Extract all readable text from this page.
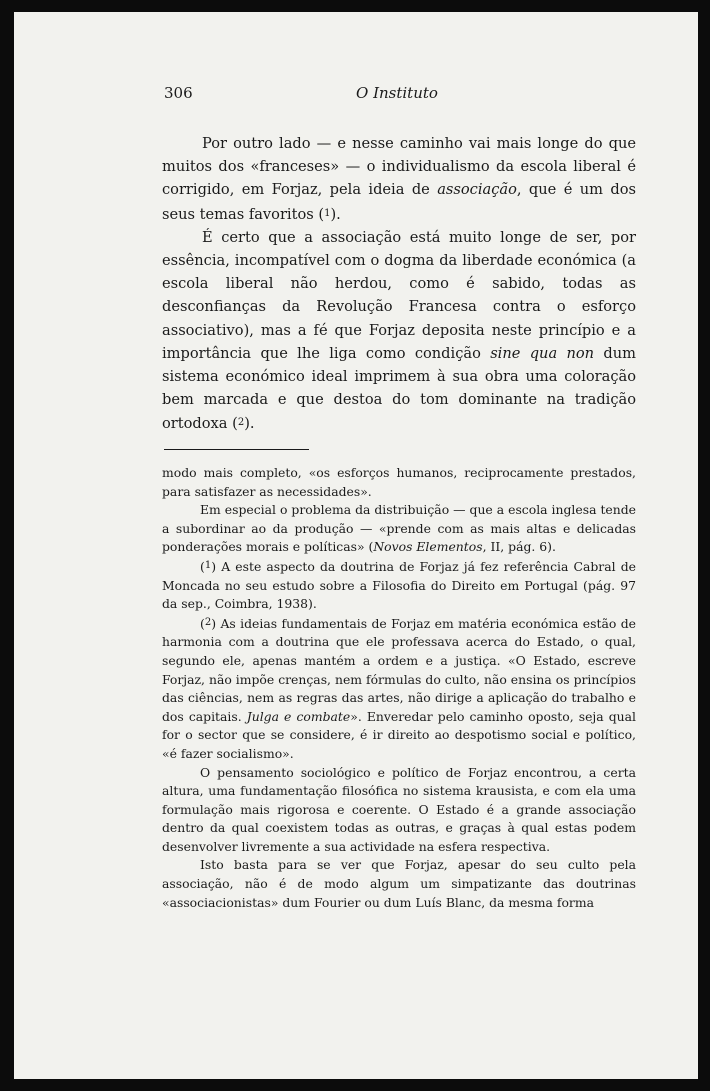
306	O Instituto

Por outro lado — e nesse caminho vai mais longe do que muitos dos «franceses» — o individualismo da escola liberal é corrigido, em Forjaz, pela ideia de associação, que é um dos seus temas favoritos ($^1$).

É certo que a associação está muito longe de ser, por essência, incompatível com o dogma da liberdade económica (a escola liberal não herdou, como é sabido, todas as desconfianças da Revolução Francesa contra o esforço associativo), mas a fé que Forjaz deposita neste princípio e a importância que lhe liga como condição sine qua non dum sistema económico ideal imprimem à sua obra uma coloração bem marcada e que destoa do tom dominante na tradição ortodoxa ($^2$).

modo mais completo, «os esforços humanos, reciprocamente prestados, para satisfazer as necessidades».

Em especial o problema da distribuição — que a escola inglesa tende a subordinar ao da produção — «prende com as mais altas e delicadas ponderações morais e políticas» (Novos Elementos, II, pág. 6).

($^1$) A este aspecto da doutrina de Forjaz já fez referência Cabral de Moncada no seu estudo sobre a Filosofia do Direito em Portugal (pág. 97 da sep., Coimbra, 1938).

($^2$) As ideias fundamentais de Forjaz em matéria económica estão de harmonia com a doutrina que ele professava acerca do Estado, o qual, segundo ele, apenas mantém a ordem e a justiça. «O Estado, escreve Forjaz, não impõe crenças, nem fórmulas do culto, não ensina os princípios das ciências, nem as regras das artes, não dirige a aplicação do trabalho e dos capitais. Julga e combate». Enveredar pelo caminho oposto, seja qual for o sector que se considere, é ir direito ao despotismo social e político, «é fazer socialismo».

O pensamento sociológico e político de Forjaz encontrou, a certa altura, uma fundamentação filosófica no sistema krausista, e com ela uma formulação mais rigorosa e coerente. O Estado é a grande associação dentro da qual coexistem todas as outras, e graças à qual estas podem desenvolver livremente a sua actividade na esfera respectiva.

Isto basta para se ver que Forjaz, apesar do seu culto pela associação, não é de modo algum um simpatizante das doutrinas «associacionistas» dum Fourier ou dum Luís Blanc, da mesma forma
